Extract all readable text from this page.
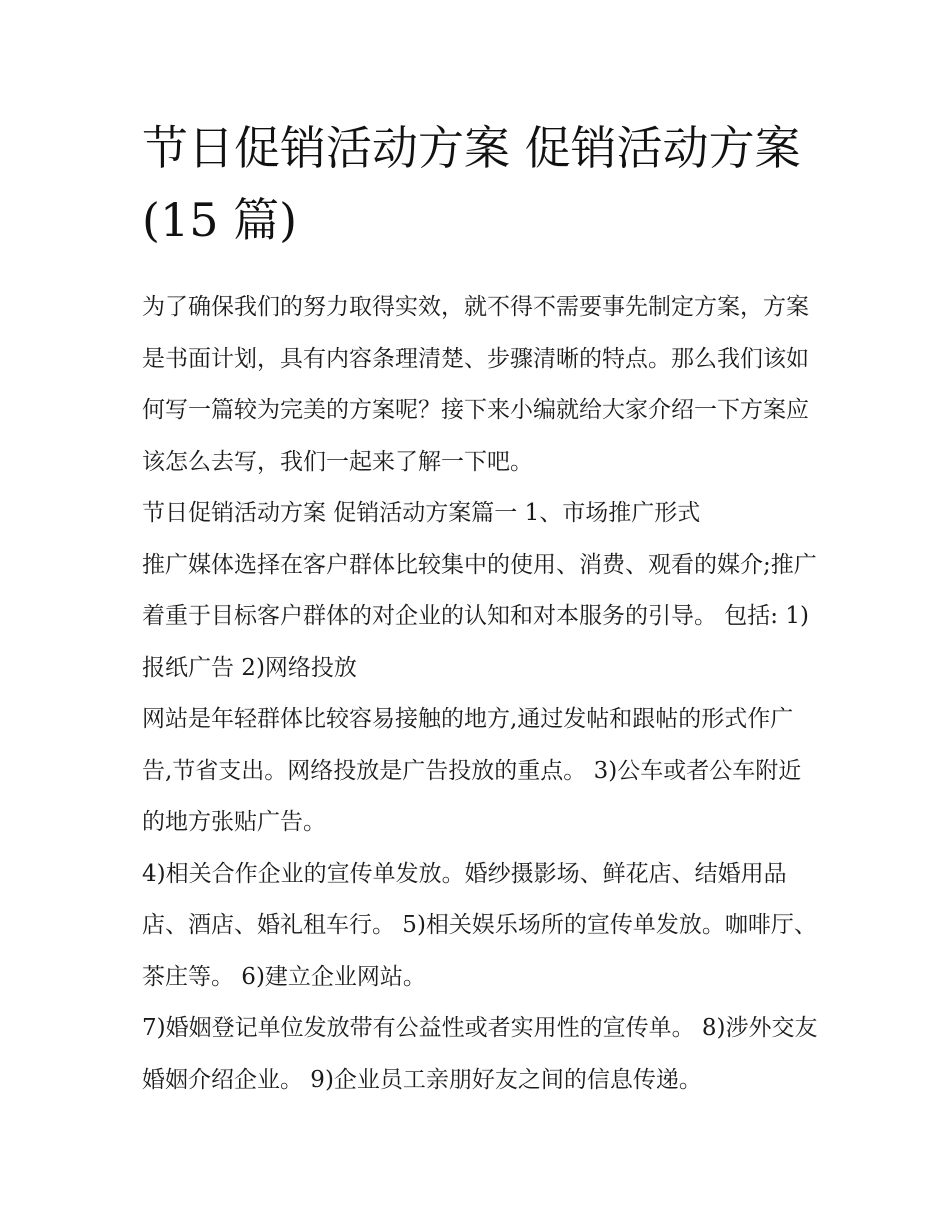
节日促销活动方案 促销活动方案(15 篇)

为了确保我们的努力取得实效，就不得不需要事先制定方案，方案是书面计划，具有内容条理清楚、步骤清晰的特点。那么我们该如何写一篇较为完美的方案呢？接下来小编就给大家介绍一下方案应该怎么去写，我们一起来了解一下吧。

节日促销活动方案 促销活动方案篇一 1、市场推广形式

推广媒体选择在客户群体比较集中的使用、消费、观看的媒介;推广着重于目标客户群体的对企业的认知和对本服务的引导。 包括: 1)报纸广告 2)网络投放

网站是年轻群体比较容易接触的地方,通过发帖和跟帖的形式作广告,节省支出。网络投放是广告投放的重点。 3)公车或者公车附近的地方张贴广告。

4)相关合作企业的宣传单发放。婚纱摄影场、鲜花店、结婚用品店、酒店、婚礼租车行。 5)相关娱乐场所的宣传单发放。咖啡厅、茶庄等。 6)建立企业网站。

7)婚姻登记单位发放带有公益性或者实用性的宣传单。 8)涉外交友婚姻介绍企业。 9)企业员工亲朋好友之间的信息传递。
